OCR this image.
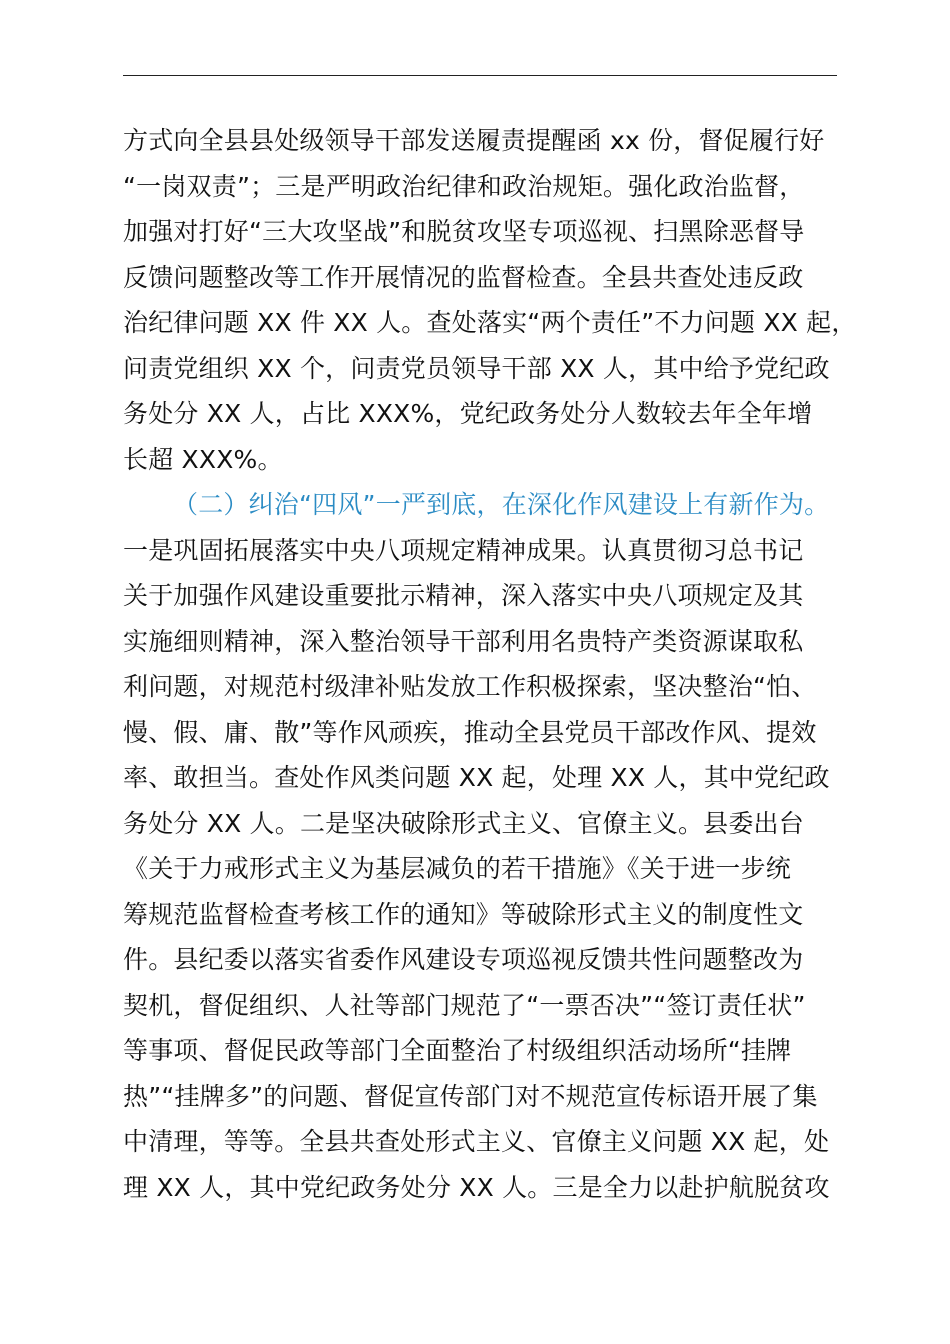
方式向全县县处级领导干部发送履责提醒函 xx 份，督促履行好
“一岗双责”；三是严明政治纪律和政治规矩。强化政治监督，
加强对打好“三大攻坚战”和脱贫攻坚专项巡视、扫黑除恶督导
反馈问题整改等工作开展情况的监督检查。全县共查处违反政
治纪律问题 XX 件 XX 人。查处落实“两个责任”不力问题 XX 起，
问责党组织 XX 个，问责党员领导干部 XX 人，其中给予党纪政
务处分 XX 人，占比 XXX%，党纪政务处分人数较去年全年增
长超 XXX%。
（二）纠治“四风”一严到底，在深化作风建设上有新作为。
一是巩固拓展落实中央八项规定精神成果。认真贯彻习总书记
关于加强作风建设重要批示精神，深入落实中央八项规定及其
实施细则精神，深入整治领导干部利用名贵特产类资源谋取私
利问题，对规范村级津补贴发放工作积极探索，坚决整治“怕、
慢、假、庸、散”等作风顽疾，推动全县党员干部改作风、提效
率、敢担当。查处作风类问题 XX 起，处理 XX 人，其中党纪政
务处分 XX 人。二是坚决破除形式主义、官僚主义。县委出台
《关于力戒形式主义为基层减负的若干措施》《关于进一步统
筹规范监督检查考核工作的通知》等破除形式主义的制度性文
件。县纪委以落实省委作风建设专项巡视反馈共性问题整改为
契机，督促组织、人社等部门规范了“一票否决”“签订责任状”
等事项、督促民政等部门全面整治了村级组织活动场所“挂牌
热”“挂牌多”的问题、督促宣传部门对不规范宣传标语开展了集
中清理，等等。全县共查处形式主义、官僚主义问题 XX 起，处
理 XX 人，其中党纪政务处分 XX 人。三是全力以赴护航脱贫攻
